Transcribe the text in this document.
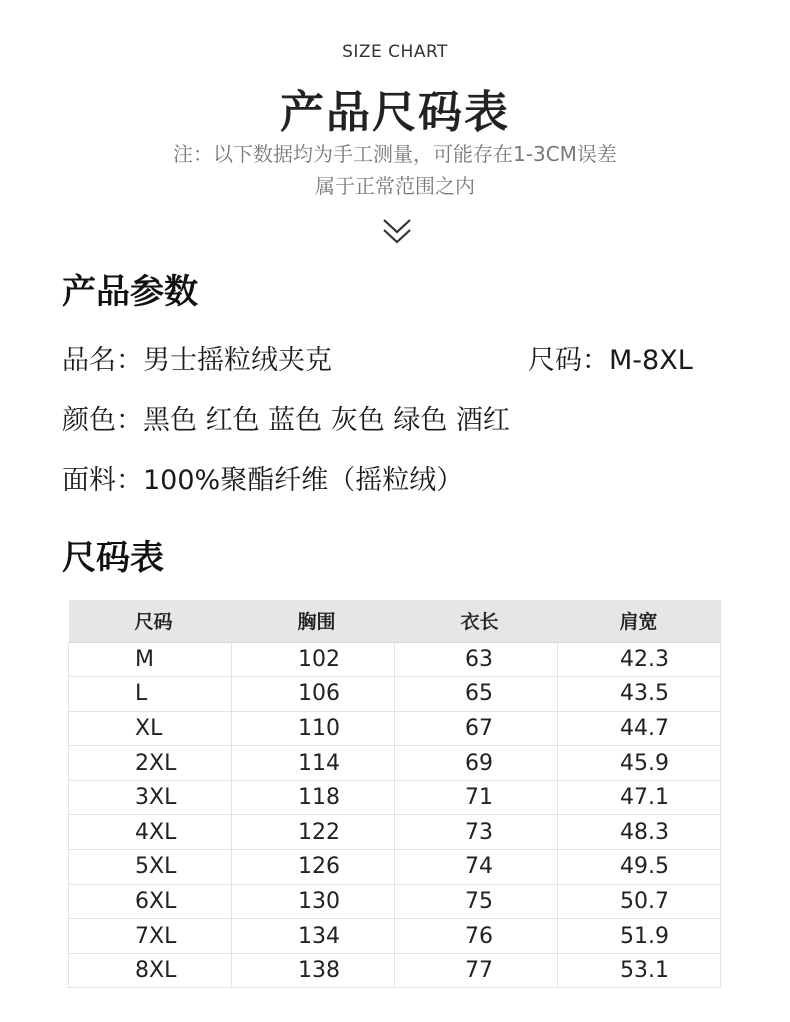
SIZE CHART
产品尺码表
注：以下数据均为手工测量，可能存在1-3CM误差
属于正常范围之内
产品参数
品名：男士摇粒绒夹克	尺码：M-8XL
颜色：黑色 红色 蓝色 灰色 绿色 酒红
面料：100%聚酯纤维（摇粒绒）
尺码表
尺码	胸围	衣长	肩宽
M	102	63	42.3
L	106	65	43.5
XL	110	67	44.7
2XL	114	69	45.9
3XL	118	71	47.1
4XL	122	73	48.3
5XL	126	74	49.5
6XL	130	75	50.7
7XL	134	76	51.9
8XL	138	77	53.1
